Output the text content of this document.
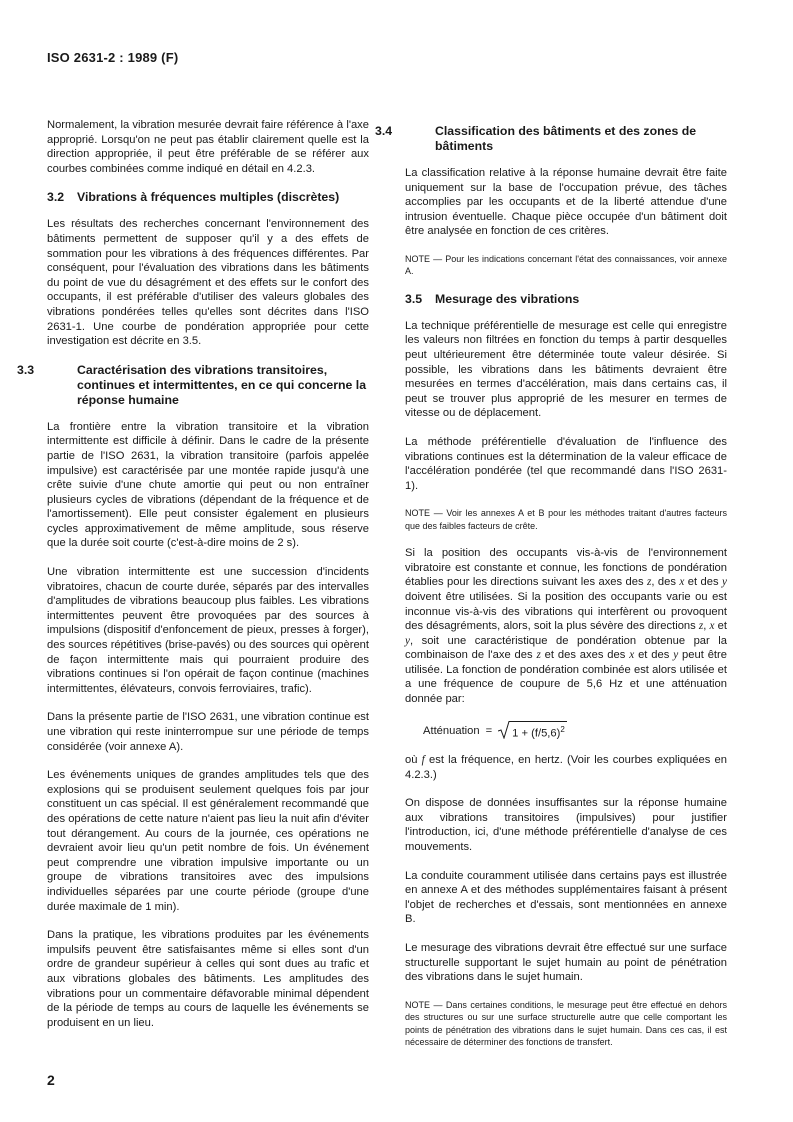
ISO 2631-2 : 1989 (F)

Normalement, la vibration mesurée devrait faire référence à l'axe approprié. Lorsqu'on ne peut pas établir clairement quelle est la direction appropriée, il peut être préférable de se référer aux courbes combinées comme indiqué en détail en 4.2.3.

3.2 Vibrations à fréquences multiples (discrètes)

Les résultats des recherches concernant l'environnement des bâtiments permettent de supposer qu'il y a des effets de sommation pour les vibrations à des fréquences différentes. Par conséquent, pour l'évaluation des vibrations dans les bâtiments du point de vue du désagrément et des effets sur le confort des occupants, il est préférable d'utiliser des valeurs globales des vibrations pondérées telles qu'elles sont décrites dans l'ISO 2631-1. Une courbe de pondération appropriée pour cette investigation est décrite en 3.5.

3.3	Caractérisation des vibrations transitoires, continues et intermittentes, en ce qui concerne la réponse humaine

La frontière entre la vibration transitoire et la vibration intermittente est difficile à définir. Dans le cadre de la présente partie de l'ISO 2631, la vibration transitoire (parfois appelée impulsive) est caractérisée par une montée rapide jusqu'à une crête suivie d'une chute amortie qui peut ou non entraîner plusieurs cycles de vibrations (dépendant de la fréquence et de l'amortissement). Elle peut consister également en plusieurs cycles approximativement de même amplitude, sous réserve que la durée soit courte (c'est-à-dire moins de 2 s).

Une vibration intermittente est une succession d'incidents vibratoires, chacun de courte durée, séparés par des intervalles d'amplitudes de vibrations beaucoup plus faibles. Les vibrations intermittentes peuvent être provoquées par des sources à impulsions (dispositif d'enfoncement de pieux, presses à forger), des sources répétitives (brise-pavés) ou des sources qui opèrent de façon intermittente mais qui pourraient produire des vibrations continues si l'on opérait de façon continue (machines intermittentes, élévateurs, convois ferroviaires, trafic).

Dans la présente partie de l'ISO 2631, une vibration continue est une vibration qui reste ininterrompue sur une période de temps considérée (voir annexe A).

Les événements uniques de grandes amplitudes tels que des explosions qui se produisent seulement quelques fois par jour constituent un cas spécial. Il est généralement recommandé que des opérations de cette nature n'aient pas lieu la nuit afin d'éviter tout dérangement. Au cours de la journée, ces opérations ne devraient avoir lieu qu'un petit nombre de fois. Un événement peut comprendre une vibration impulsive importante ou un groupe de vibrations transitoires avec des impulsions individuelles séparées par une courte période (groupe d'une durée maximale de 1 min).

Dans la pratique, les vibrations produites par les événements impulsifs peuvent être satisfaisantes même si elles sont d'un ordre de grandeur supérieur à celles qui sont dues au trafic et aux vibrations globales des bâtiments. Les amplitudes des vibrations pour un commentaire défavorable minimal dépendent de la période de temps au cours de laquelle les événements se produisent en un lieu.

3.4	Classification des bâtiments et des zones de bâtiments

La classification relative à la réponse humaine devrait être faite uniquement sur la base de l'occupation prévue, des tâches accomplies par les occupants et de la liberté attendue d'une intrusion éventuelle. Chaque pièce occupée d'un bâtiment doit être analysée en fonction de ces critères.

NOTE — Pour les indications concernant l'état des connaissances, voir annexe A.

3.5 Mesurage des vibrations

La technique préférentielle de mesurage est celle qui enregistre les valeurs non filtrées en fonction du temps à partir desquelles peut ultérieurement être déterminée toute valeur désirée. Si possible, les vibrations dans les bâtiments devraient être mesurées en termes d'accélération, mais dans certains cas, il peut se trouver plus approprié de les mesurer en termes de vitesse ou de déplacement.

La méthode préférentielle d'évaluation de l'influence des vibrations continues est la détermination de la valeur efficace de l'accélération pondérée (tel que recommandé dans l'ISO 2631-1).

NOTE — Voir les annexes A et B pour les méthodes traitant d'autres facteurs que des faibles facteurs de crête.

Si la position des occupants vis-à-vis de l'environnement vibratoire est constante et connue, les fonctions de pondération établies pour les directions suivant les axes des z, des x et des y doivent être utilisées. Si la position des occupants varie ou est inconnue vis-à-vis des vibrations qui interfèrent ou provoquent des désagréments, alors, soit la plus sévère des directions z, x et y, soit une caractéristique de pondération obtenue par la combinaison de l'axe des z et des axes des x et des y peut être utilisée. La fonction de pondération combinée est alors utilisée et a une fréquence de coupure de 5,6 Hz et une atténuation donnée par:

Atténuation = $1 + (f/5,6)^2$

où f est la fréquence, en hertz. (Voir les courbes expliquées en 4.2.3.)

On dispose de données insuffisantes sur la réponse humaine aux vibrations transitoires (impulsives) pour justifier l'introduction, ici, d'une méthode préférentielle d'analyse de ces mouvements.

La conduite couramment utilisée dans certains pays est illustrée en annexe A et des méthodes supplémentaires faisant à présent l'objet de recherches et d'essais, sont mentionnées en annexe B.

Le mesurage des vibrations devrait être effectué sur une surface structurelle supportant le sujet humain au point de pénétration des vibrations dans le sujet humain.

NOTE — Dans certaines conditions, le mesurage peut être effectué en dehors des structures ou sur une surface structurelle autre que celle comportant les points de pénétration des vibrations dans le sujet humain. Dans ces cas, il est nécessaire de déterminer des fonctions de transfert.

2
